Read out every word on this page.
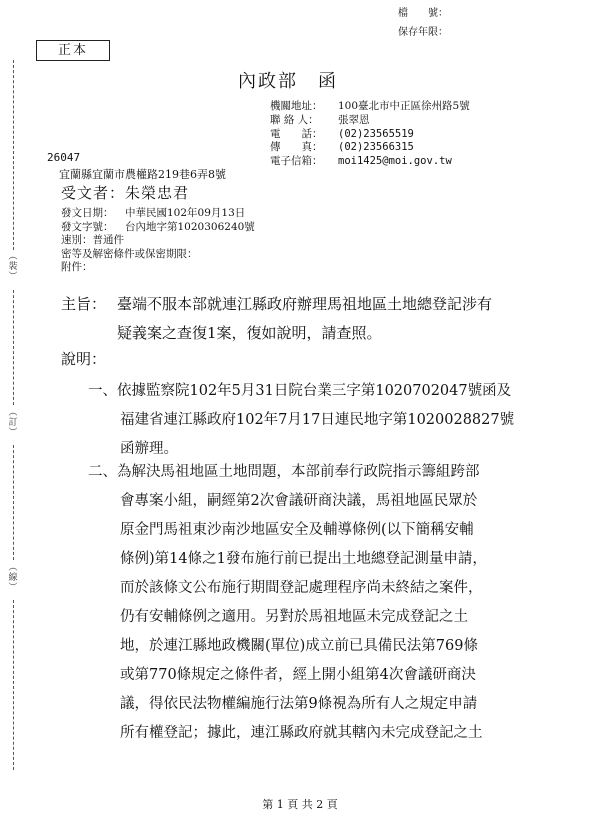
正本
檔　　號：
保存年限：
內政部　函
機關地址：	100臺北市中正區徐州路5號
聯 絡 人：	張翠恩
電　　話：	(02)23565519
傳　　真：	(02)23566315
電子信箱：	moi1425@moi.gov.tw
26047
宜蘭縣宜蘭市農權路219巷6弄8號
受文者：朱榮忠君
發文日期：	中華民國102年09月13日
發文字號：	台內地字第1020306240號
速別： 普通件
密等及解密條件或保密期限：
附件：
主旨： 臺端不服本部就連江縣政府辦理馬祖地區土地總登記涉有
疑義案之查復1案，復如說明，請查照。
說明：
一、依據監察院102年5月31日院台業三字第1020702047號函及
福建省連江縣政府102年7月17日連民地字第1020028827號
函辦理。
二、為解決馬祖地區土地問題，本部前奉行政院指示籌組跨部
會專案小組，嗣經第2次會議研商決議，馬祖地區民眾於
原金門馬祖東沙南沙地區安全及輔導條例(以下簡稱安輔
條例)第14條之1發布施行前已提出土地總登記測量申請，
而於該條文公布施行期間登記處理程序尚未終結之案件，
仍有安輔條例之適用。另對於馬祖地區未完成登記之土
地，於連江縣地政機關(單位)成立前已具備民法第769條
或第770條規定之條件者，經上開小組第4次會議研商決
議，得依民法物權編施行法第9條視為所有人之規定申請
所有權登記；據此，連江縣政府就其轄內未完成登記之土
︵
裝
︶
︵
訂
︶
︵
線
︶
第 1 頁 共 2 頁
